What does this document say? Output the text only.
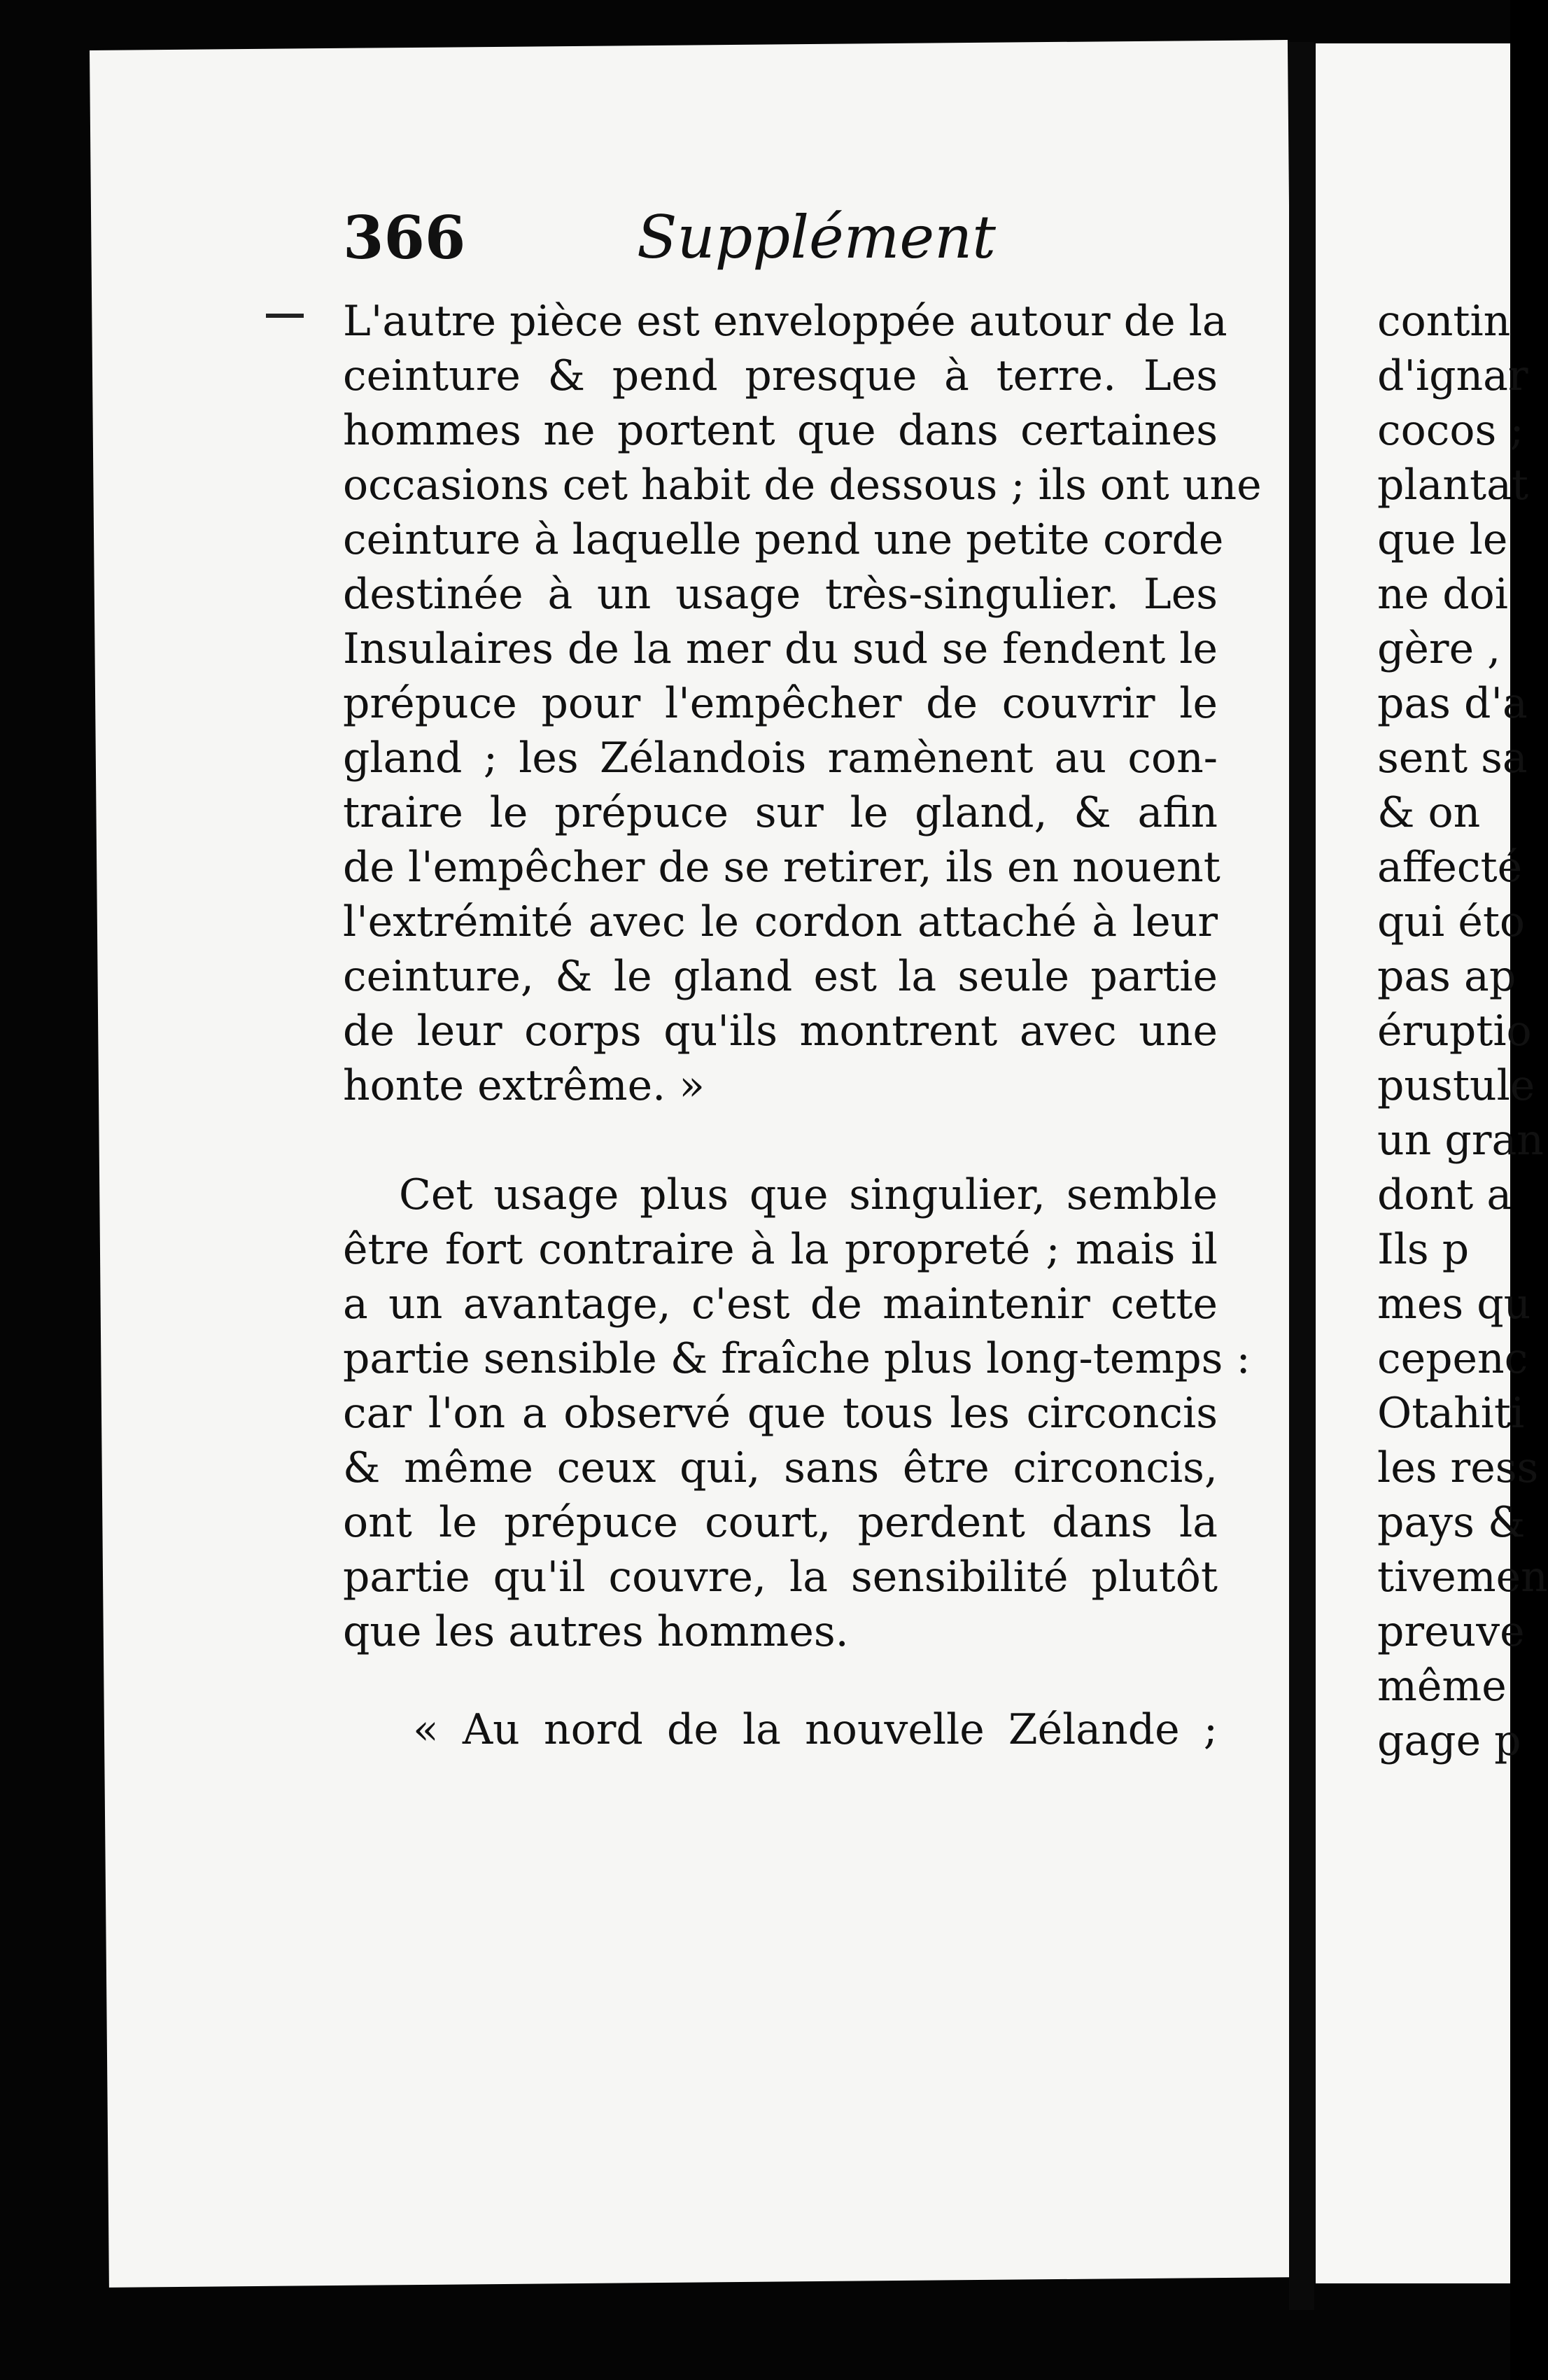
366	Supplément
L'autre pièce est enveloppée autour de la
ceinture & pend presque à terre. Les
hommes ne portent que dans certaines
occasions cet habit de dessous ; ils ont une
ceinture à laquelle pend une petite corde
destinée à un usage très-singulier. Les
Insulaires de la mer du sud se fendent le
prépuce pour l'empêcher de couvrir le
gland ; les Zélandois ramènent au con-
traire le prépuce sur le gland, & afin
de l'empêcher de se retirer, ils en nouent
l'extrémité avec le cordon attaché à leur
ceinture, & le gland est la seule partie
de leur corps qu'ils montrent avec une
honte extrême. »
Cet usage plus que singulier, semble
être fort contraire à la propreté ; mais il
a un avantage, c'est de maintenir cette
partie sensible & fraîche plus long-temps :
car l'on a observé que tous les circoncis
& même ceux qui, sans être circoncis,
ont le prépuce court, perdent dans la
partie qu'il couvre, la sensibilité plutôt
que les autres hommes.
« Au nord de la nouvelle Zélande ;
contin
d'ignar
cocos ;
plantat
que le
ne doi
gère ,
pas d'a
sent sa
& on
affecté
qui éto
pas ap
éruptio
pustule
un gran
dont a
Ils p
mes qu
cepenc
Otahiti
les ress
pays &
tivemen
preuve
même
gage p
